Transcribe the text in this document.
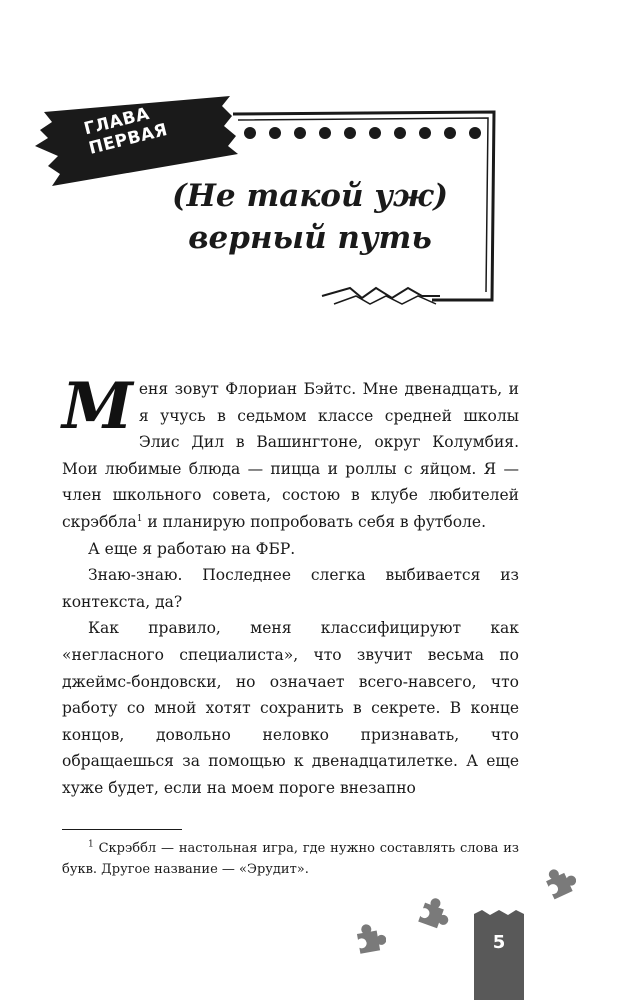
ГЛАВА ПЕРВАЯ
(Не такой уж)
верный путь

Меня зовут Флориан Бэйтс. Мне двенадцать, и я учусь в седьмом классе средней школы Элис Дил в Вашингтоне, округ Колумбия. Мои любимые блюда — пицца и роллы с яйцом. Я — член школьного совета, состою в клубе любителей скрэббла$^1$ и планирую попробовать себя в футболе.

А еще я работаю на ФБР.

Знаю-знаю. Последнее слегка выбивается из контекста, да?

Как правило, меня классифицируют как «негласного специалиста», что звучит весьма по джеймс-бондовски, но означает всего-навсего, что работу со мной хотят сохранить в секрете. В конце концов, довольно неловко признавать, что обращаешься за помощью к двенадцатилетке. А еще хуже будет, если на моем пороге внезапно

$^1$ Скрэббл — настольная игра, где нужно составлять слова из букв. Другое название — «Эрудит».
5
